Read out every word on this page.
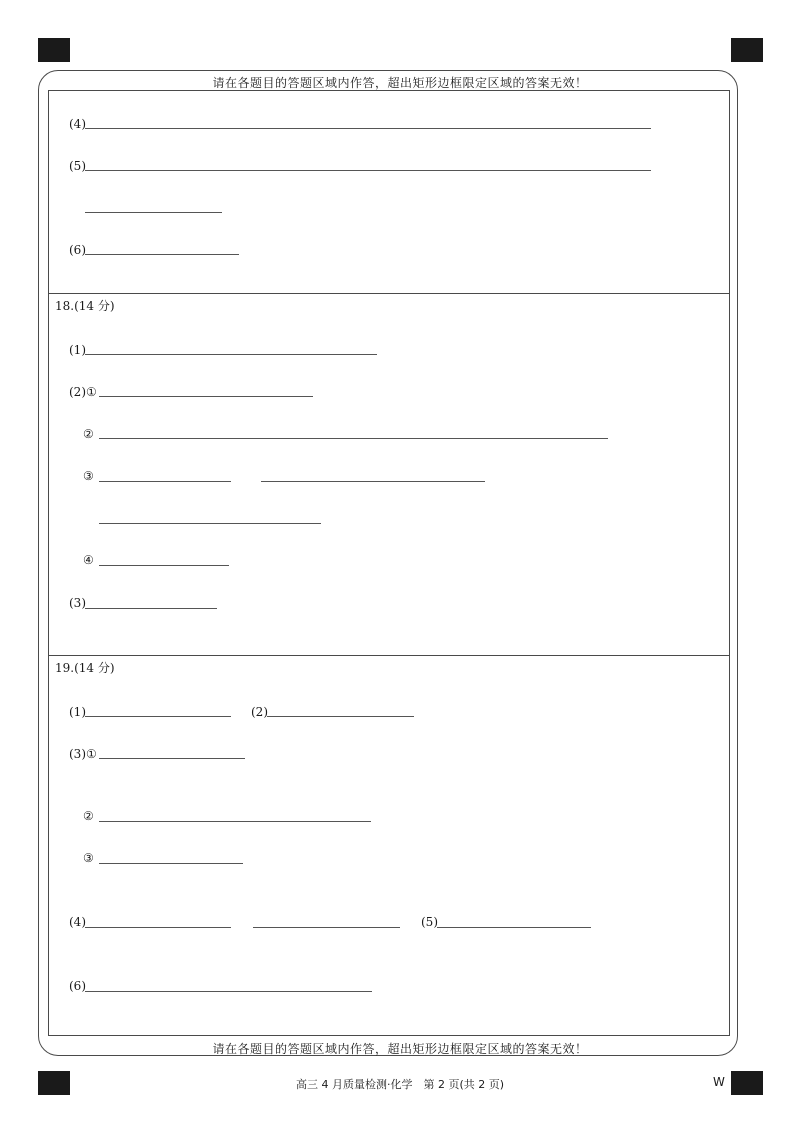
请在各题目的答题区域内作答，超出矩形边框限定区域的答案无效！
请在各题目的答题区域内作答，超出矩形边框限定区域的答案无效！
(4)
(5)
(6)
18.(14 分)
(1)
(2)①
②
③
④
(3)
19.(14 分)
(1)	(2)
(3)①
②
③
(4)	(5)
(6)
高三 4 月质量检测·化学　第 2 页(共 2 页)	W
